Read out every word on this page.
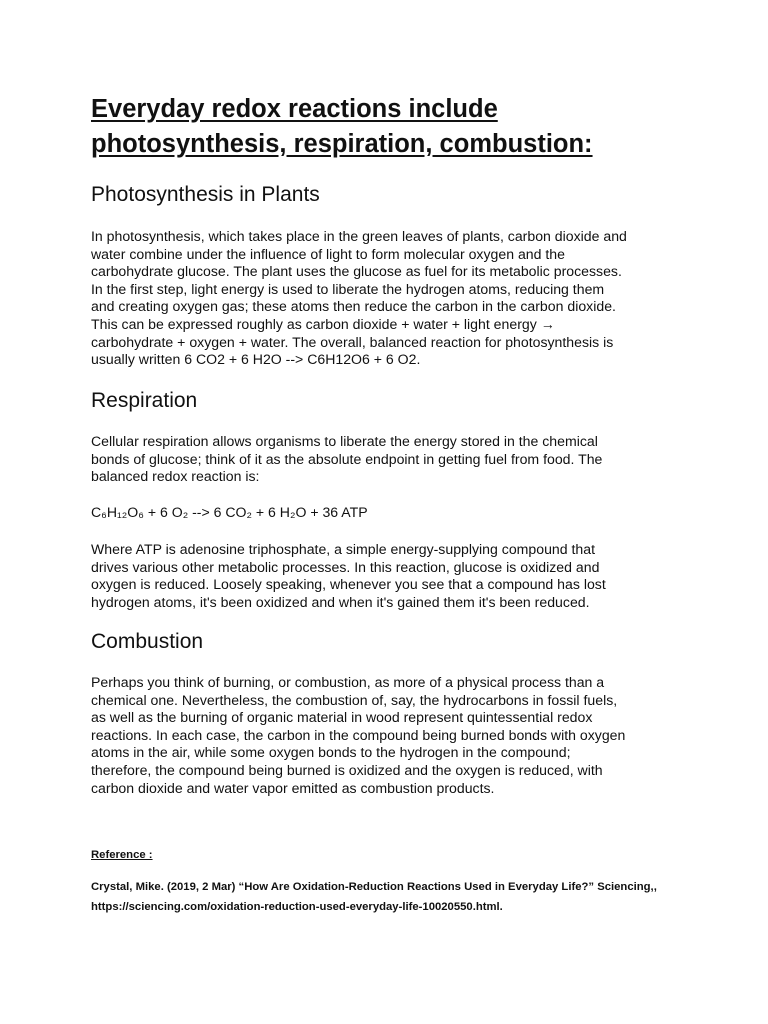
Everyday redox reactions include

photosynthesis, respiration, combustion:

Photosynthesis in Plants

In photosynthesis, which takes place in the green leaves of plants, carbon dioxide and
water combine under the influence of light to form molecular oxygen and the
carbohydrate glucose. The plant uses the glucose as fuel for its metabolic processes.
In the first step, light energy is used to liberate the hydrogen atoms, reducing them
and creating oxygen gas; these atoms then reduce the carbon in the carbon dioxide.
This can be expressed roughly as carbon dioxide + water + light energy →
carbohydrate + oxygen + water. The overall, balanced reaction for photosynthesis is
usually written 6 CO2 + 6 H2O --> C6H12O6 + 6 O2.

Respiration

Cellular respiration allows organisms to liberate the energy stored in the chemical
bonds of glucose; think of it as the absolute endpoint in getting fuel from food. The
balanced redox reaction is:

C₆H₁₂O₆ + 6 O₂ --> 6 CO₂ + 6 H₂O + 36 ATP

Where ATP is adenosine triphosphate, a simple energy-supplying compound that
drives various other metabolic processes. In this reaction, glucose is oxidized and
oxygen is reduced. Loosely speaking, whenever you see that a compound has lost
hydrogen atoms, it's been oxidized and when it's gained them it's been reduced.

Combustion

Perhaps you think of burning, or combustion, as more of a physical process than a
chemical one. Nevertheless, the combustion of, say, the hydrocarbons in fossil fuels,
as well as the burning of organic material in wood represent quintessential redox
reactions. In each case, the carbon in the compound being burned bonds with oxygen
atoms in the air, while some oxygen bonds to the hydrogen in the compound;
therefore, the compound being burned is oxidized and the oxygen is reduced, with
carbon dioxide and water vapor emitted as combustion products.

Reference :

Crystal, Mike. (2019, 2 Mar) “How Are Oxidation-Reduction Reactions Used in Everyday Life?” Sciencing,,

https://sciencing.com/oxidation-reduction-used-everyday-life-10020550.html.
